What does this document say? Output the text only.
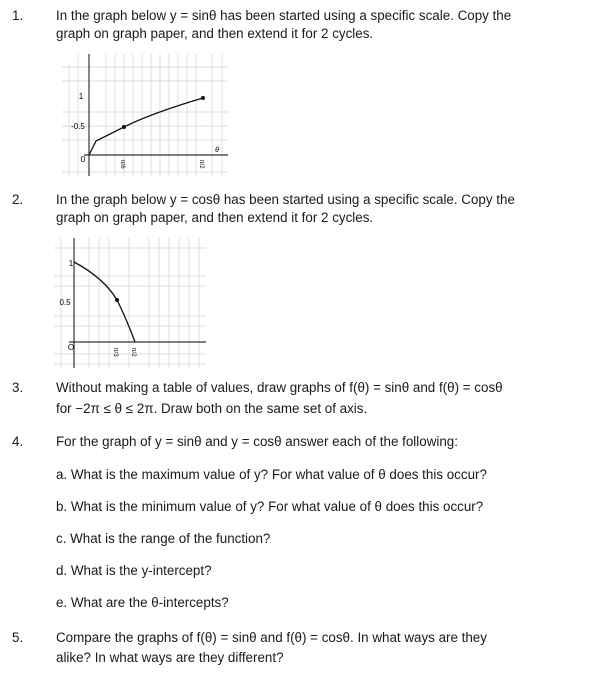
1.	In the graph below y = sinθ has been started using a specific scale. Copy the
graph on graph paper, and then extend it for 2 cycles.
1
-0.5
0	π/6	π/2
θ
2.	In the graph below y = cosθ has been started using a specific scale. Copy the
graph on graph paper, and then extend it for 2 cycles.
1
0.5
O	π/3 π/2
3.	Without making a table of values, draw graphs of f(θ) = sinθ and f(θ) = cosθ
for −2π ≤ θ ≤ 2π. Draw both on the same set of axis.
4.	For the graph of y = sinθ and y = cosθ answer each of the following:
a. What is the maximum value of y? For what value of θ does this occur?
b. What is the minimum value of y? For what value of θ does this occur?
c. What is the range of the function?
d. What is the y-intercept?
e. What are the θ-intercepts?
5.	Compare the graphs of f(θ) = sinθ and f(θ) = cosθ. In what ways are they
alike? In what ways are they different?
